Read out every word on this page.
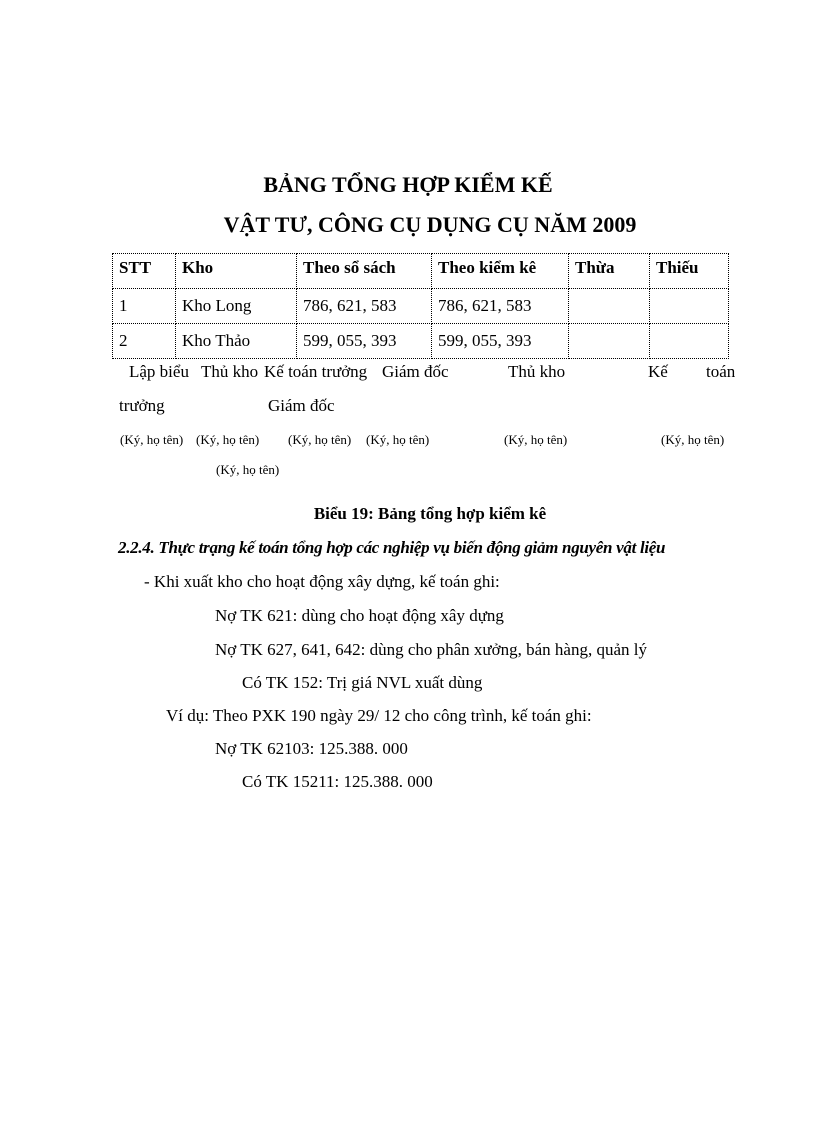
BẢNG TỔNG HỢP KIỂM KẾ
VẬT TƯ, CÔNG CỤ DỤNG CỤ NĂM 2009
STT	Kho	Theo sổ sách	Theo kiểm kê	Thừa	Thiếu
1	Kho Long	786, 621, 583	786, 621, 583		
2	Kho Thảo	599, 055, 393	599, 055, 393		
Lập biểu Thủ kho Kế toán trưởng Giám đốc	Thủ kho	Kế toán
trưởng	Giám đốc
(Ký, họ tên) (Ký, họ tên) (Ký, họ tên) (Ký, họ tên)	(Ký, họ tên)	(Ký, họ tên)
(Ký, họ tên)
Biểu 19: Bảng tổng hợp kiểm kê
2.2.4. Thực trạng kế toán tổng hợp các nghiệp vụ biến động giảm nguyên vật liệu
- Khi xuất kho cho hoạt động xây dựng, kế toán ghi:
Nợ TK 621: dùng cho hoạt động xây dựng
Nợ TK 627, 641, 642: dùng cho phân xưởng, bán hàng, quản lý
Có TK 152: Trị giá NVL xuất dùng
Ví dụ: Theo PXK 190 ngày 29/ 12 cho công trình, kế toán ghi:
Nợ TK 62103: 125.388. 000
Có TK 15211: 125.388. 000
